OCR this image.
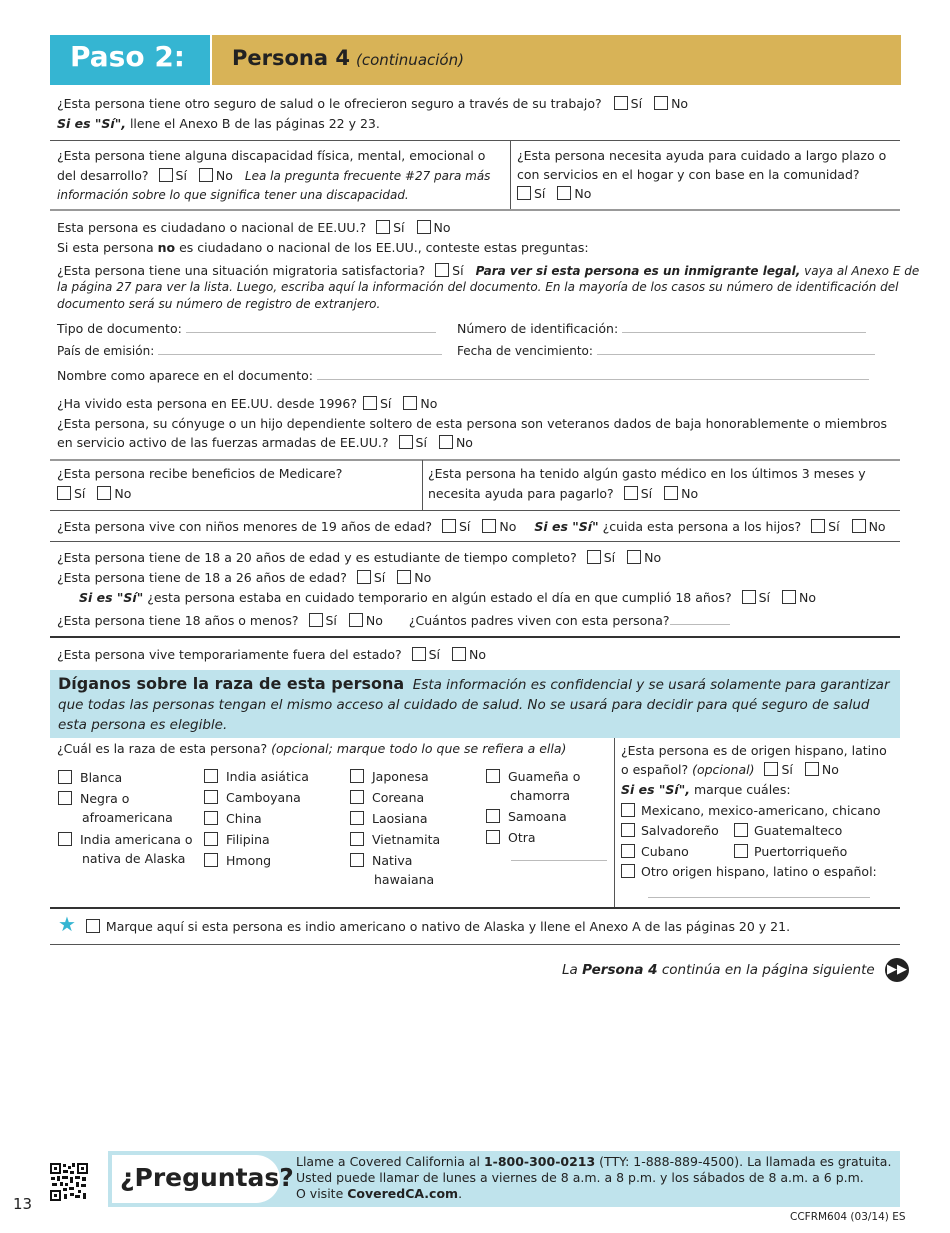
Paso 2:	Persona 4 (continuación)
¿Esta persona tiene otro seguro de salud o le ofrecieron seguro a través de su trabajo? Sí No
Si es "Sí", llene el Anexo B de las páginas 22 y 23.
¿Esta persona tiene alguna discapacidad física, mental, emocional o
del desarrollo? Sí No Lea la pregunta frecuente #27 para más
información sobre lo que significa tener una discapacidad.
¿Esta persona necesita ayuda para cuidado a largo plazo o
con servicios en el hogar y con base en la comunidad?
Sí No
Esta persona es ciudadano o nacional de EE.UU.? Sí No
Si esta persona no es ciudadano o nacional de los EE.UU., conteste estas preguntas:
¿Esta persona tiene una situación migratoria satisfactoria? Sí Para ver si esta persona es un inmigrante legal, vaya al Anexo E de
la página 27 para ver la lista. Luego, escriba aquí la información del documento. En la mayoría de los casos su número de identificación del
documento será su número de registro de extranjero.
Tipo de documento:	Número de identificación:
País de emisión:	Fecha de vencimiento:
Nombre como aparece en el documento:
¿Ha vivido esta persona en EE.UU. desde 1996? Sí No
¿Esta persona, su cónyuge o un hijo dependiente soltero de esta persona son veteranos dados de baja honorablemente o miembros
en servicio activo de las fuerzas armadas de EE.UU.? Sí No
¿Esta persona recibe beneficios de Medicare?
Sí No
¿Esta persona ha tenido algún gasto médico en los últimos 3 meses y
necesita ayuda para pagarlo? Sí No
¿Esta persona vive con niños menores de 19 años de edad? Sí No Si es "Sí" ¿cuida esta persona a los hijos? Sí No
¿Esta persona tiene de 18 a 20 años de edad y es estudiante de tiempo completo? Sí No
¿Esta persona tiene de 18 a 26 años de edad? Sí No
Si es "Sí" ¿esta persona estaba en cuidado temporario en algún estado el día en que cumplió 18 años? Sí No
¿Esta persona tiene 18 años o menos? Sí No ¿Cuántos padres viven con esta persona?
¿Esta persona vive temporariamente fuera del estado? Sí No
Díganos sobre la raza de esta persona Esta información es confidencial y se usará solamente para garantizar
que todas las personas tengan el mismo acceso al cuidado de salud. No se usará para decidir para qué seguro de salud
esta persona es elegible.
¿Cuál es la raza de esta persona? (opcional; marque todo lo que se refiera a ella)
Blanca
Negra o
afroamericana
India americana o
nativa de Alaska
India asiática
Camboyana
China
Filipina
Hmong
Japonesa
Coreana
Laosiana
Vietnamita
Nativa
hawaiana
Guameña o
chamorra
Samoana
Otra
¿Esta persona es de origen hispano, latino
o español? (opcional) Sí No
Si es "Sí", marque cuáles:
Mexicano, mexico-americano, chicano
Salvadoreño	Guatemalteco
Cubano	Puertorriqueño
Otro origen hispano, latino o español:
★ Marque aquí si esta persona es indio americano o nativo de Alaska y llene el Anexo A de las páginas 20 y 21.
La Persona 4 continúa en la página siguiente ▶▶
13
¿Preguntas?
Llame a Covered California al 1-800-300-0213 (TTY: 1-888-889-4500). La llamada es gratuita.
Usted puede llamar de lunes a viernes de 8 a.m. a 8 p.m. y los sábados de 8 a.m. a 6 p.m.
O visite CoveredCA.com.
CCFRM604 (03/14) ES
